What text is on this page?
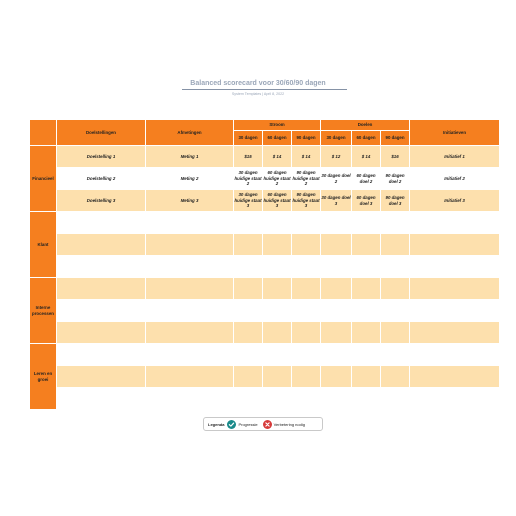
Balanced scorecard voor 30/60/90 dagen
System Templates | April 8, 2022
	Doelstellingen	Afmetingen	Stroom			Doelen			Initiatieven
			30 dagen	60 dagen	90 dagen	30 dagen	60 dagen	90 dagen	
Financieel	Doelstelling 1	Meting 1	$15	$ 14	$ 14	$ 12	$ 14	$16	Initiatief 1
	Doelstelling 2	Meting 2	30 dagen huidige staat 2	60 dagen huidige staat 2	90 dagen huidige staat 2	30 dagen doel 2	60 dagen doel 2	90 dagen doel 2	Initiatief 2
	Doelstelling 3	Meting 3	30 dagen huidige staat 3	60 dagen huidige staat 3	90 dagen huidige staat 3	30 dagen doel 3	60 dagen doel 3	90 dagen doel 3	Initiatief 3
Klant									

Interne processen									

Leren en groei									

Legenda	Progressie	Verbetering nodig
